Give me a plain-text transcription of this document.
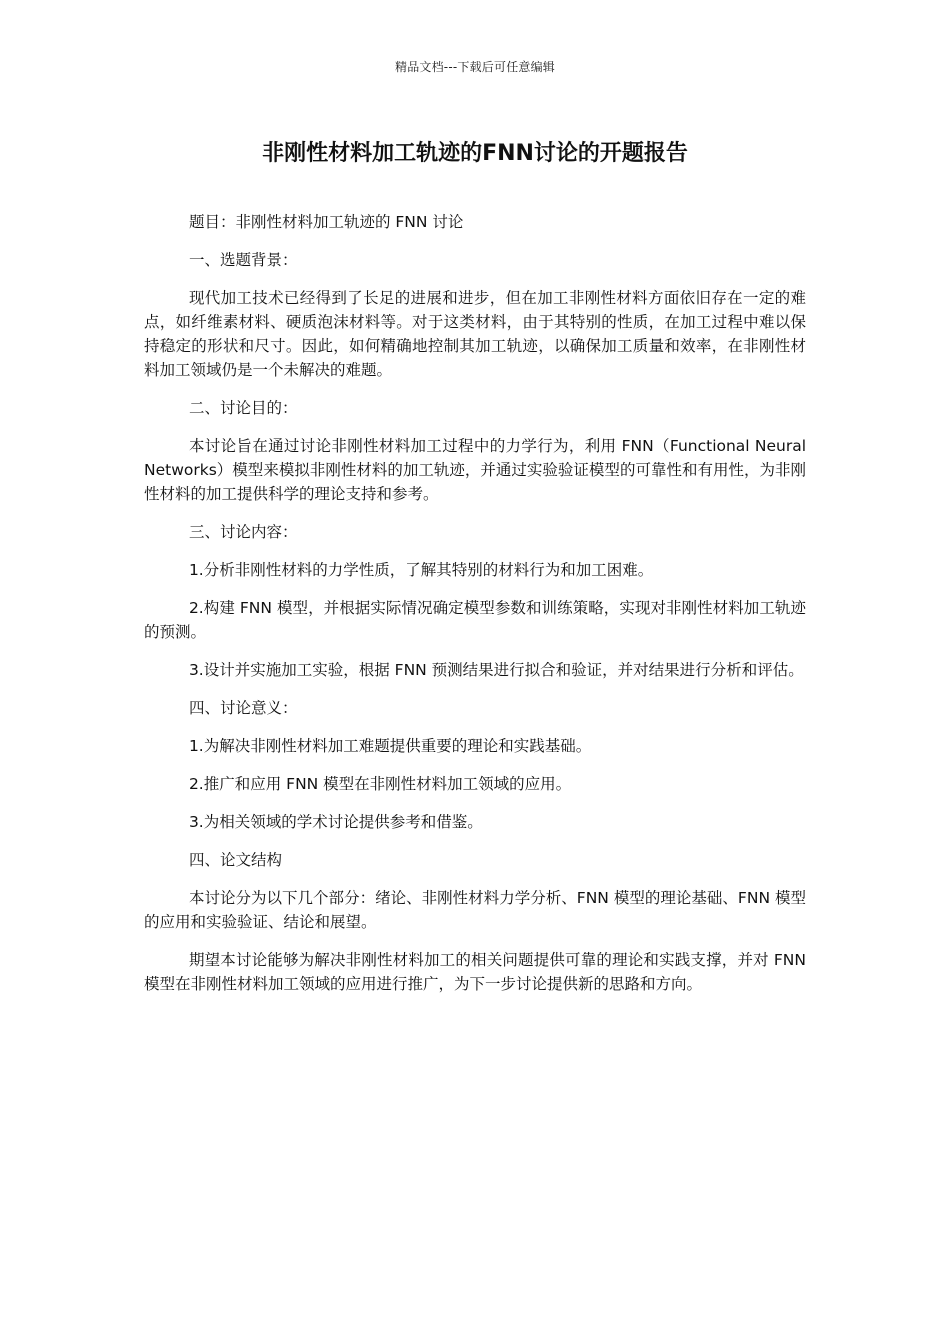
精品文档---下载后可任意编辑
非刚性材料加工轨迹的FNN讨论的开题报告

题目：非刚性材料加工轨迹的 FNN 讨论

一、选题背景：

现代加工技术已经得到了长足的进展和进步，但在加工非刚性材料方面依旧存在一定的难点，如纤维素材料、硬质泡沫材料等。对于这类材料，由于其特别的性质，在加工过程中难以保持稳定的形状和尺寸。因此，如何精确地控制其加工轨迹，以确保加工质量和效率，在非刚性材料加工领域仍是一个未解决的难题。

二、讨论目的：

本讨论旨在通过讨论非刚性材料加工过程中的力学行为，利用 FNN（Functional Neural Networks）模型来模拟非刚性材料的加工轨迹，并通过实验验证模型的可靠性和有用性，为非刚性材料的加工提供科学的理论支持和参考。

三、讨论内容：

1.分析非刚性材料的力学性质，了解其特别的材料行为和加工困难。

2.构建 FNN 模型，并根据实际情况确定模型参数和训练策略，实现对非刚性材料加工轨迹的预测。

3.设计并实施加工实验，根据 FNN 预测结果进行拟合和验证，并对结果进行分析和评估。

四、讨论意义：

1.为解决非刚性材料加工难题提供重要的理论和实践基础。

2.推广和应用 FNN 模型在非刚性材料加工领域的应用。

3.为相关领域的学术讨论提供参考和借鉴。

四、论文结构

本讨论分为以下几个部分：绪论、非刚性材料力学分析、FNN 模型的理论基础、FNN 模型的应用和实验验证、结论和展望。

期望本讨论能够为解决非刚性材料加工的相关问题提供可靠的理论和实践支撑，并对 FNN 模型在非刚性材料加工领域的应用进行推广，为下一步讨论提供新的思路和方向。
